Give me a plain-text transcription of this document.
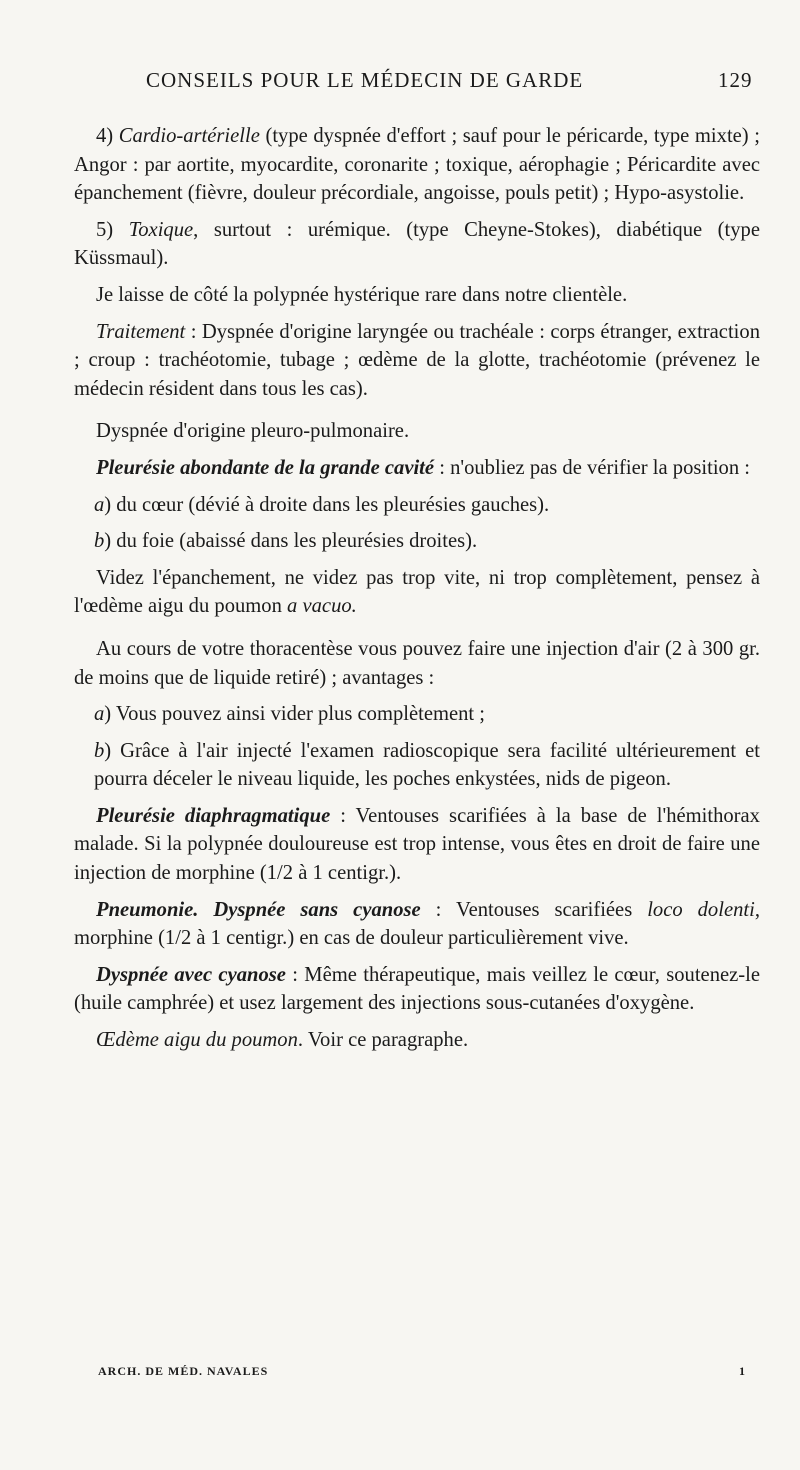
CONSEILS POUR LE MÉDECIN DE GARDE	129

4) Cardio-artérielle (type dyspnée d'effort ; sauf pour le péricarde, type mixte) ; Angor : par aortite, myocardite, coronarite ; toxique, aérophagie ; Péricardite avec épanchement (fièvre, douleur précordiale, angoisse, pouls petit) ; Hypo-asystolie.

5) Toxique, surtout : urémique. (type Cheyne-Stokes), diabétique (type Küssmaul).

Je laisse de côté la polypnée hystérique rare dans notre clientèle.

Traitement : Dyspnée d'origine laryngée ou trachéale : corps étranger, extraction ; croup : trachéotomie, tubage ; œdème de la glotte, trachéotomie (prévenez le médecin résident dans tous les cas).

Dyspnée d'origine pleuro-pulmonaire.

Pleurésie abondante de la grande cavité : n'oubliez pas de vérifier la position :

a) du cœur (dévié à droite dans les pleurésies gauches).

b) du foie (abaissé dans les pleurésies droites).

Videz l'épanchement, ne videz pas trop vite, ni trop complètement, pensez à l'œdème aigu du poumon a vacuo.

Au cours de votre thoracentèse vous pouvez faire une injection d'air (2 à 300 gr. de moins que de liquide retiré) ; avantages :

a) Vous pouvez ainsi vider plus complètement ;

b) Grâce à l'air injecté l'examen radioscopique sera facilité ultérieurement et pourra déceler le niveau liquide, les poches enkystées, nids de pigeon.

Pleurésie diaphragmatique : Ventouses scarifiées à la base de l'hémithorax malade. Si la polypnée douloureuse est trop intense, vous êtes en droit de faire une injection de morphine (1/2 à 1 centigr.).

Pneumonie. Dyspnée sans cyanose : Ventouses scarifiées loco dolenti, morphine (1/2 à 1 centigr.) en cas de douleur particulièrement vive.

Dyspnée avec cyanose : Même thérapeutique, mais veillez le cœur, soutenez-le (huile camphrée) et usez largement des injections sous-cutanées d'oxygène.

Œdème aigu du poumon. Voir ce paragraphe.

ARCH. DE MÉD. NAVALES	1
